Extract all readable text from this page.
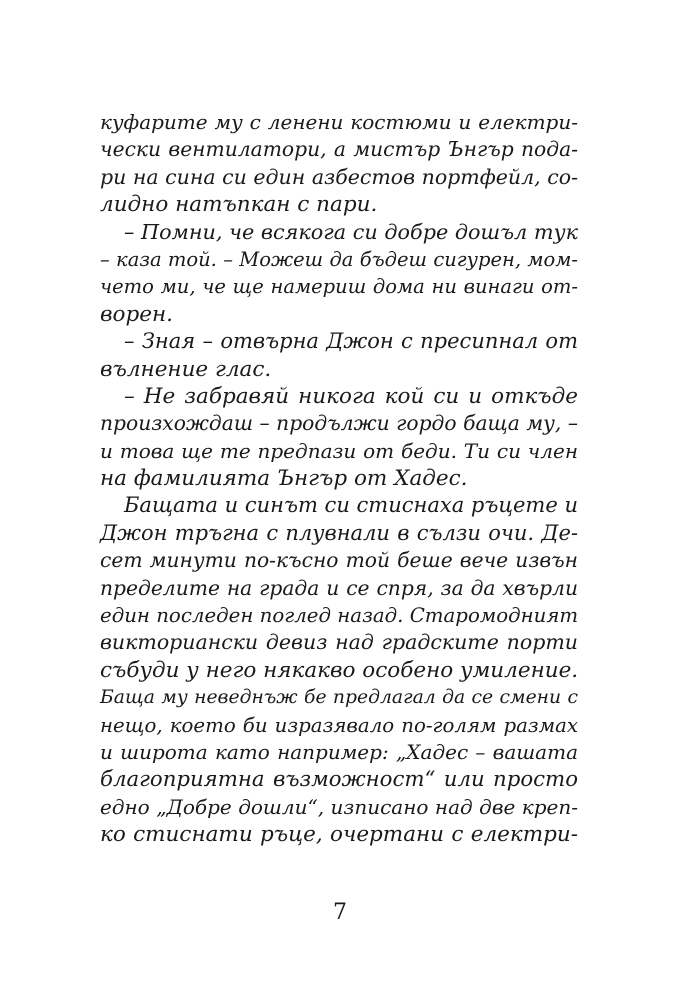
куфарите му с ленени костюми и електри-
чески вентилатори, а мистър Ънгър пода-
ри на сина си един азбестов портфейл, со-
лидно натъпкан с пари.
– Помни, че всякога си добре дошъл тук
– каза той. – Можеш да бъдеш сигурен, мом-
чето ми, че ще намериш дома ни винаги от-
ворен.
– Зная – отвърна Джон с пресипнал от
вълнение глас.
– Не забравяй никога кой си и откъде
произхождаш – продължи гордо баща му, –
и това ще те предпази от беди. Ти си член
на фамилията Ънгър от Хадес.
Бащата и синът си стиснаха ръцете и
Джон тръгна с плувнали в сълзи очи. Де-
сет минути по-късно той беше вече извън
пределите на града и се спря, за да хвърли
един последен поглед назад. Старомодният
викториански девиз над градските порти
събуди у него някакво особено умиление.
Баща му неведнъж бе предлагал да се смени с
нещо, което би изразявало по-голям размах
и широта като например: „Хадес – вашата
благоприятна възможност“ или просто
едно „Добре дошли“, изписано над две креп-
ко стиснати ръце, очертани с електри-
7
